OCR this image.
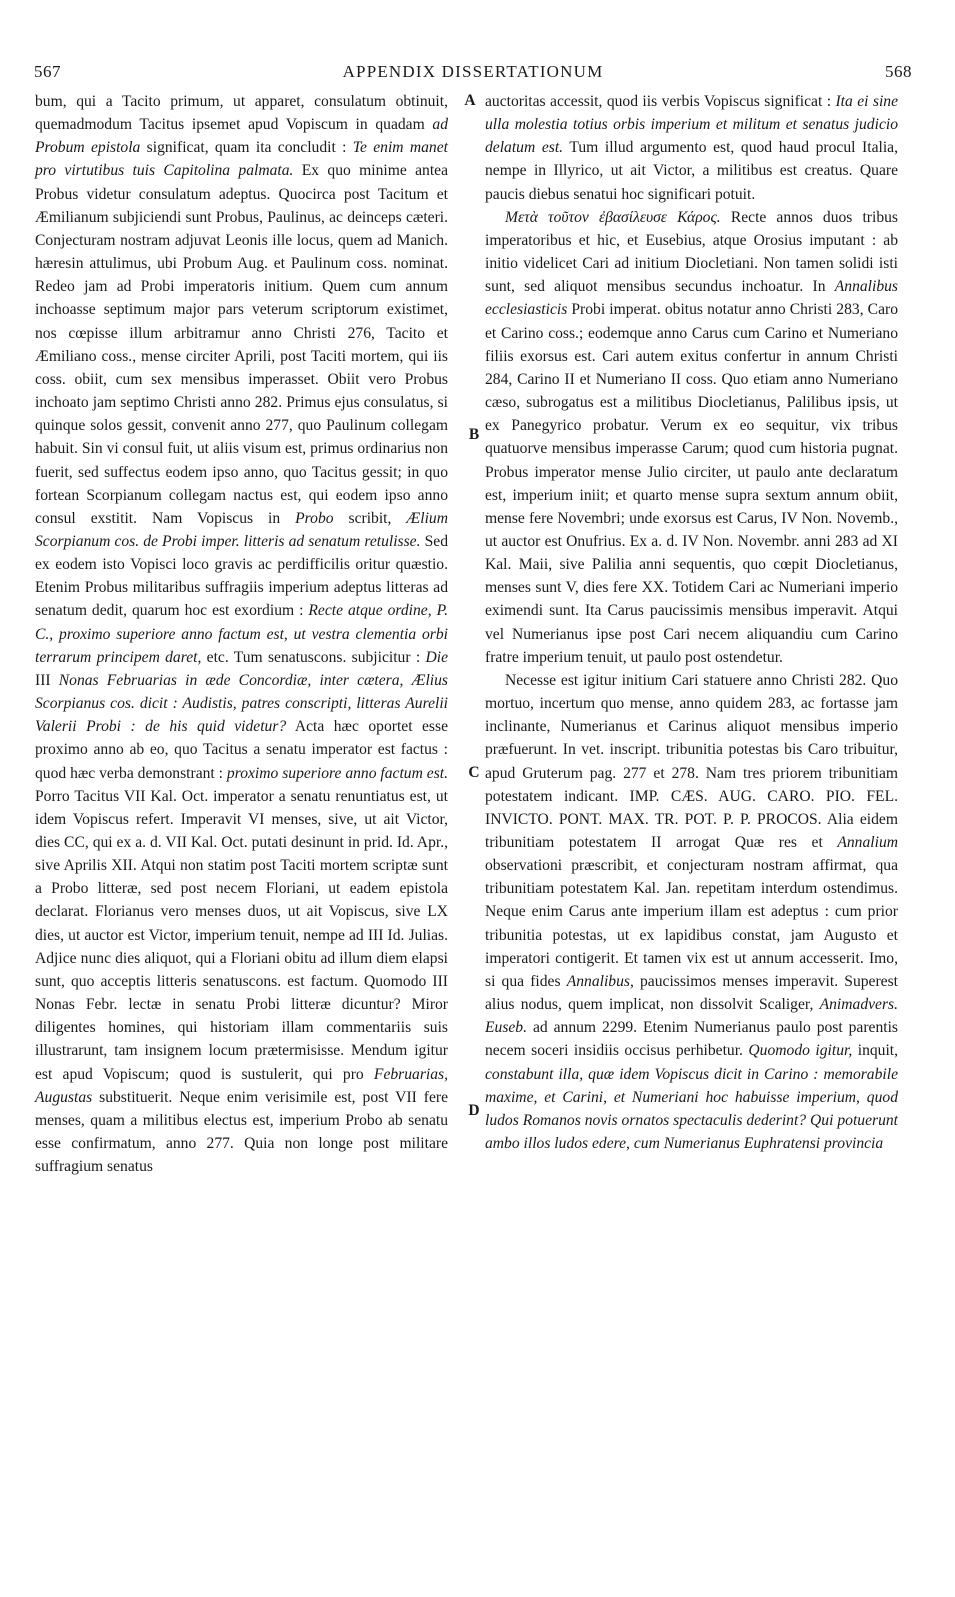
567	APPENDIX DISSERTATIONUM	568

bum, qui a Tacito primum, ut apparet, consulatum obtinuit, quemadmodum Tacitus ipsemet apud Vopiscum in quadam ad Probum epistola significat, quam ita concludit : Te enim manet pro virtutibus tuis Capitolina palmata. Ex quo minime antea Probus videtur consulatum adeptus. Quocirca post Tacitum et Æmilianum subjiciendi sunt Probus, Paulinus, ac deinceps cæteri. Conjecturam nostram adjuvat Leonis ille locus, quem ad Manich. hæresin attulimus, ubi Probum Aug. et Paulinum coss. nominat. Redeo jam ad Probi imperatoris initium. Quem cum annum inchoasse septimum major pars veterum scriptorum existimet, nos cœpisse illum arbitramur anno Christi 276, Tacito et Æmiliano coss., mense circiter Aprili, post Taciti mortem, qui iis coss. obiit, cum sex mensibus imperasset. Obiit vero Probus inchoato jam septimo Christi anno 282. Primus ejus consulatus, si quinque solos gessit, convenit anno 277, quo Paulinum collegam habuit. Sin vi consul fuit, ut aliis visum est, primus ordinarius non fuerit, sed suffectus eodem ipso anno, quo Tacitus gessit; in quo fortean Scorpianum collegam nactus est, qui eodem ipso anno consul exstitit. Nam Vopiscus in Probo scribit, Ælium Scorpianum cos. de Probi imper. litteris ad senatum retulisse. Sed ex eodem isto Vopisci loco gravis ac perdifficilis oritur quæstio. Etenim Probus militaribus suffragiis imperium adeptus litteras ad senatum dedit, quarum hoc est exordium : Recte atque ordine, P. C., proximo superiore anno factum est, ut vestra clementia orbi terrarum principem daret, etc. Tum senatuscons. subjicitur : Die III Nonas Februarias in æde Concordiæ, inter cætera, Ælius Scorpianus cos. dicit : Audistis, patres conscripti, litteras Aurelii Valerii Probi : de his quid videtur? Acta hæc oportet esse proximo anno ab eo, quo Tacitus a senatu imperator est factus : quod hæc verba demonstrant : proximo superiore anno factum est. Porro Tacitus VII Kal. Oct. imperator a senatu renuntiatus est, ut idem Vopiscus refert. Imperavit VI menses, sive, ut ait Victor, dies CC, qui ex a. d. VII Kal. Oct. putati desinunt in prid. Id. Apr., sive Aprilis XII. Atqui non statim post Taciti mortem scriptæ sunt a Probo litteræ, sed post necem Floriani, ut eadem epistola declarat. Florianus vero menses duos, ut ait Vopiscus, sive LX dies, ut auctor est Victor, imperium tenuit, nempe ad III Id. Julias. Adjice nunc dies aliquot, qui a Floriani obitu ad illum diem elapsi sunt, quo acceptis litteris senatuscons. est factum. Quomodo III Nonas Febr. lectæ in senatu Probi litteræ dicuntur? Miror diligentes homines, qui historiam illam commentariis suis illustrarunt, tam insignem locum prætermisisse. Mendum igitur est apud Vopiscum; quod is sustulerit, qui pro Februarias, Augustas substituerit. Neque enim verisimile est, post VII fere menses, quam a militibus electus est, imperium Probo ab senatu esse confirmatum, anno 277. Quia non longe post militare suffragium senatus

auctoritas accessit, quod iis verbis Vopiscus significat : Ita ei sine ulla molestia totius orbis imperium et militum et senatus judicio delatum est. Tum illud argumento est, quod haud procul Italia, nempe in Illyrico, ut ait Victor, a militibus est creatus. Quare paucis diebus senatui hoc significari potuit.

Μετὰ τοῦτον ἐβασίλευσε Κάρος. Recte annos duos tribus imperatoribus et hic, et Eusebius, atque Orosius imputant : ab initio videlicet Cari ad initium Diocletiani. Non tamen solidi isti sunt, sed aliquot mensibus secundus inchoatur. In Annalibus ecclesiasticis Probi imperat. obitus notatur anno Christi 283, Caro et Carino coss.; eodemque anno Carus cum Carino et Numeriano filiis exorsus est. Cari autem exitus confertur in annum Christi 284, Carino II et Numeriano II coss. Quo etiam anno Numeriano cæso, subrogatus est a militibus Diocletianus, Palilibus ipsis, ut ex Panegyrico probatur. Verum ex eo sequitur, vix tribus quatuorve mensibus imperasse Carum; quod cum historia pugnat. Probus imperator mense Julio circiter, ut paulo ante declaratum est, imperium iniit; et quarto mense supra sextum annum obiit, mense fere Novembri; unde exorsus est Carus, IV Non. Novemb., ut auctor est Onufrius. Ex a. d. IV Non. Novembr. anni 283 ad XI Kal. Maii, sive Palilia anni sequentis, quo cœpit Diocletianus, menses sunt V, dies fere XX. Totidem Cari ac Numeriani imperio eximendi sunt. Ita Carus paucissimis mensibus imperavit. Atqui vel Numerianus ipse post Cari necem aliquandiu cum Carino fratre imperium tenuit, ut paulo post ostendetur.

Necesse est igitur initium Cari statuere anno Christi 282. Quo mortuo, incertum quo mense, anno quidem 283, ac fortasse jam inclinante, Numerianus et Carinus aliquot mensibus imperio præfuerunt. In vet. inscript. tribunitia potestas bis Caro tribuitur, apud Gruterum pag. 277 et 278. Nam tres priorem tribunitiam potestatem indicant. IMP. CÆS. AUG. CARO. PIO. FEL. INVICTO. PONT. MAX. TR. POT. P. P. PROCOS. Alia eidem tribunitiam potestatem II arrogat Quæ res et Annalium observationi præscribit, et conjecturam nostram affirmat, qua tribunitiam potestatem Kal. Jan. repetitam interdum ostendimus. Neque enim Carus ante imperium illam est adeptus : cum prior tribunitia potestas, ut ex lapidibus constat, jam Augusto et imperatori contigerit. Et tamen vix est ut annum accesserit. Imo, si qua fides Annalibus, paucissimos menses imperavit. Superest alius nodus, quem implicat, non dissolvit Scaliger, Animadvers. Euseb. ad annum 2299. Etenim Numerianus paulo post parentis necem soceri insidiis occisus perhibetur. Quomodo igitur, inquit, constabunt illa, quæ idem Vopiscus dicit in Carino : memorabile maxime, et Carini, et Numeriani hoc habuisse imperium, quod ludos Romanos novis ornatos spectaculis dederint? Qui potuerunt ambo illos ludos edere, cum Numerianus Euphratensi provincia

A
B
C
D
